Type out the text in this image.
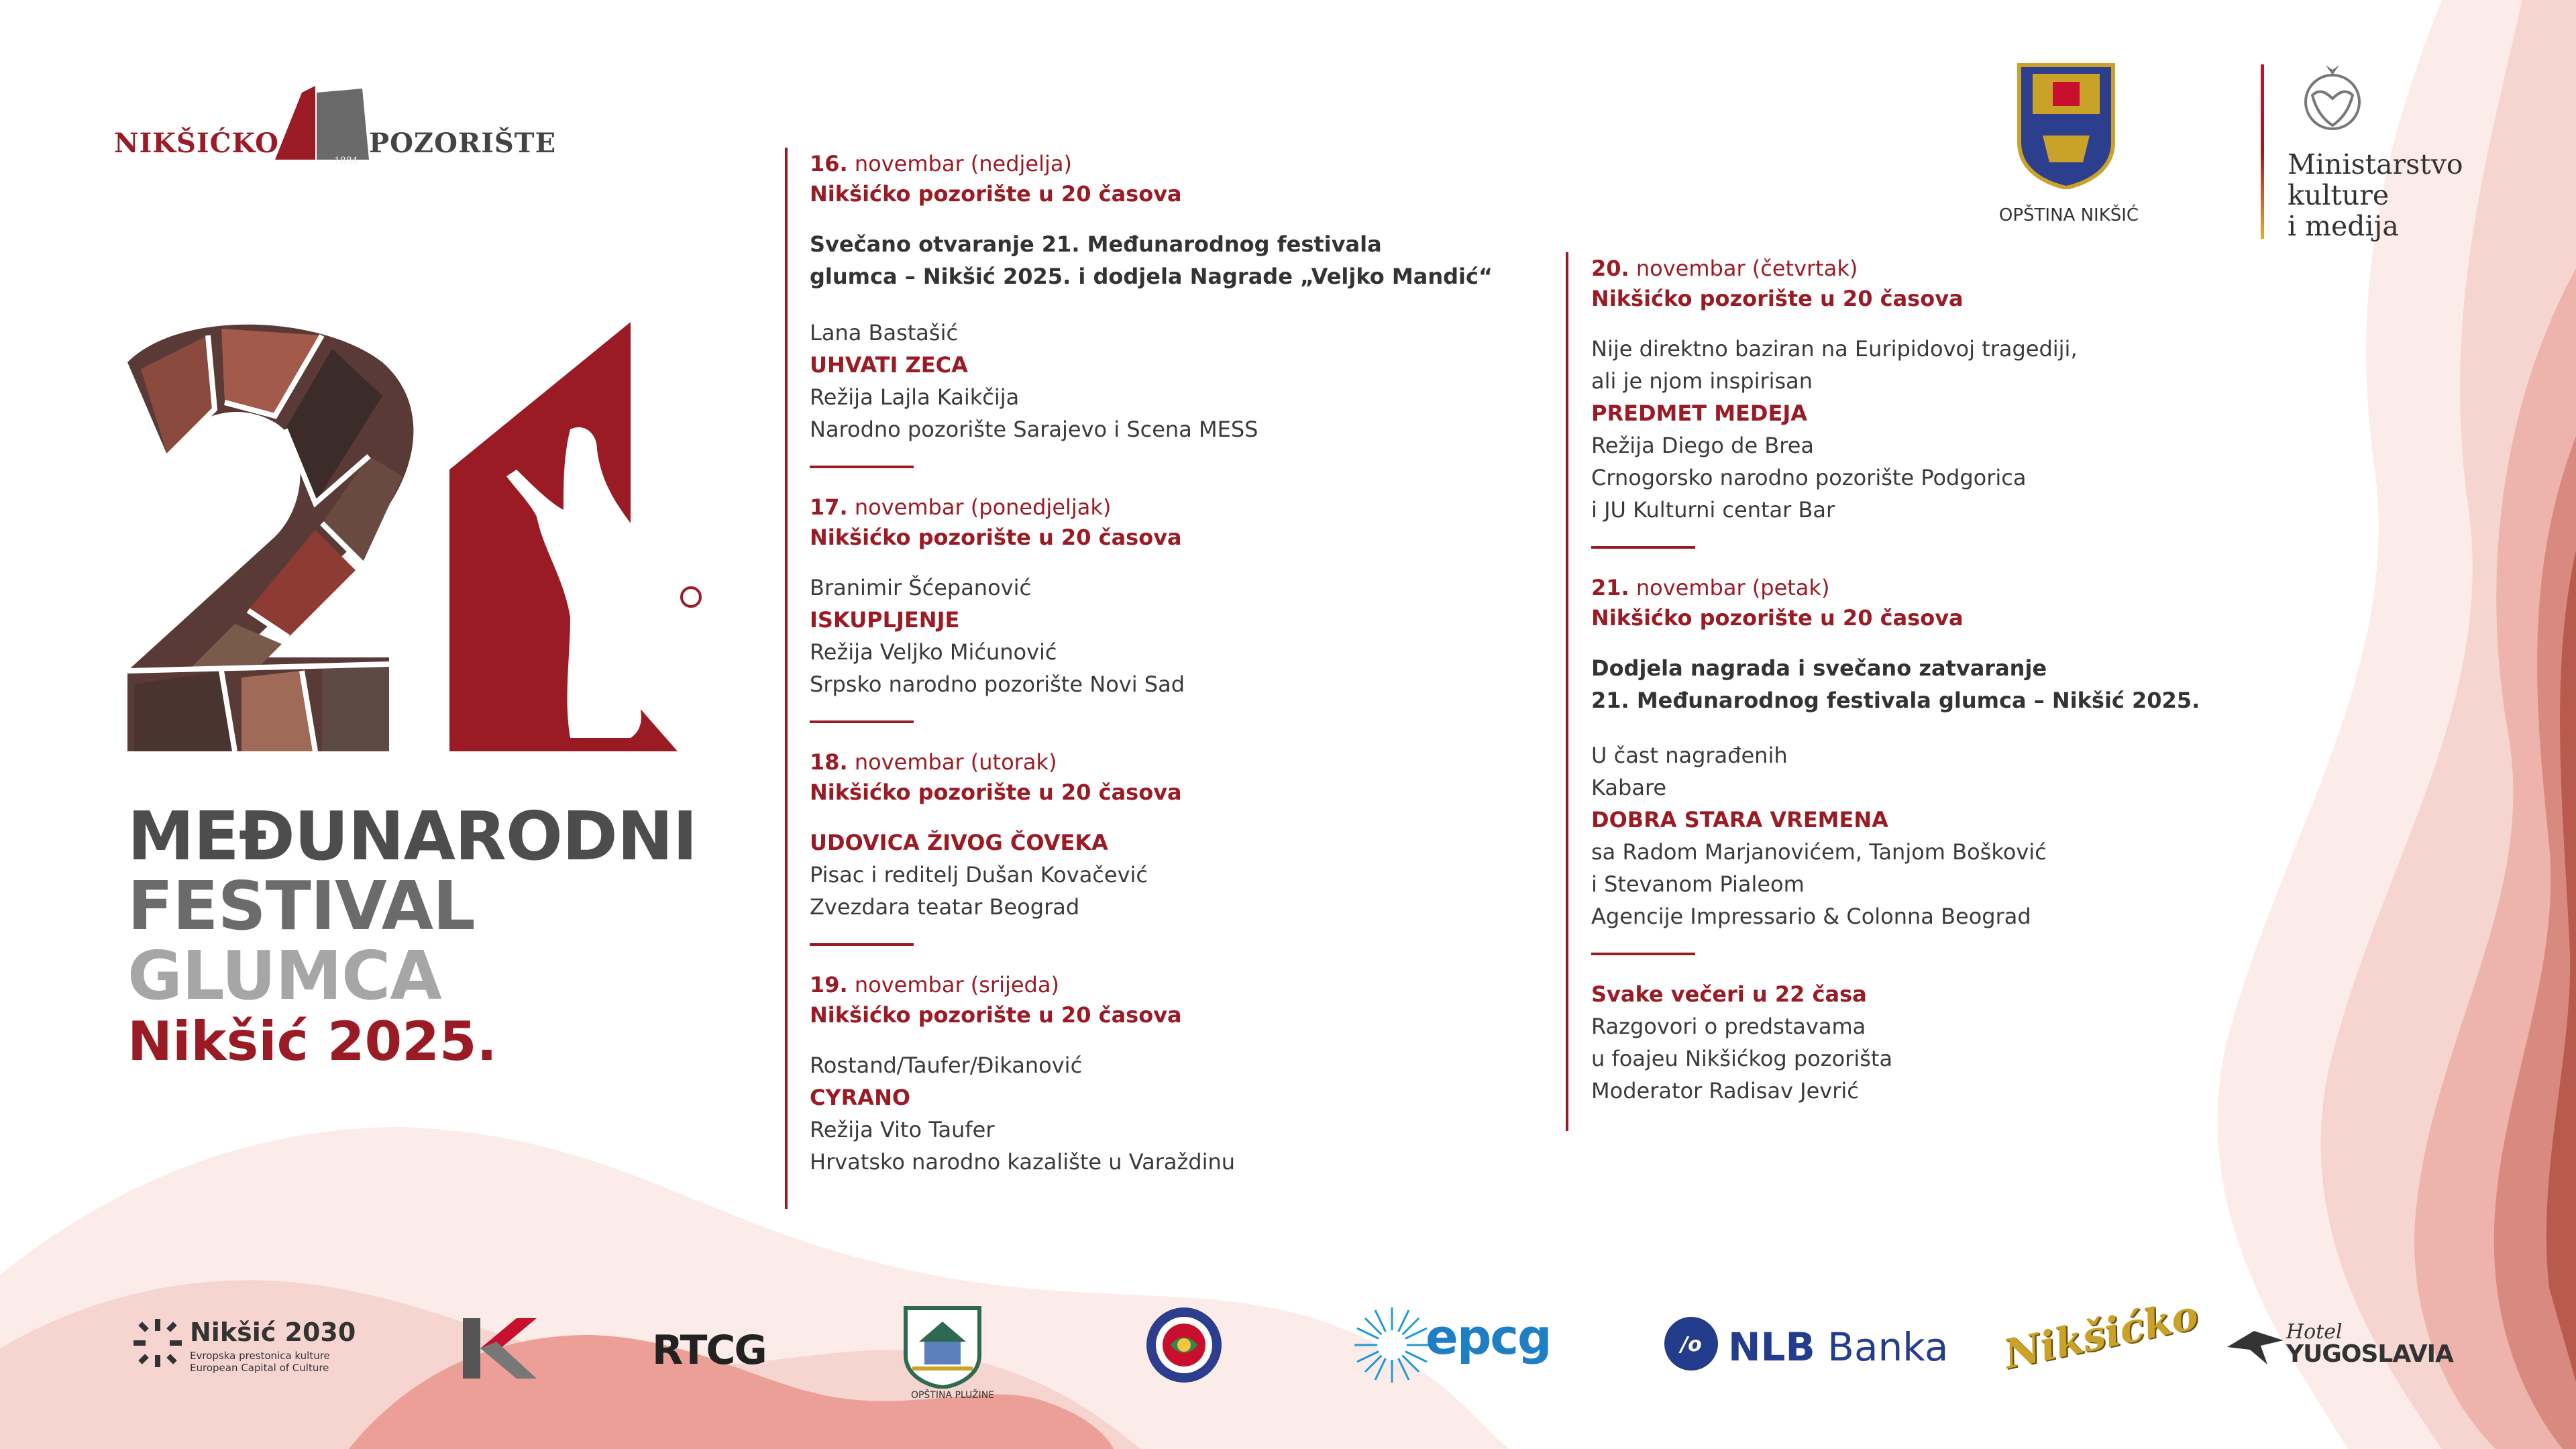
NIKŠIĆKO
1884
POZORIŠTE
OPŠTINA NIKŠIĆ
Ministarstvo
kulture
i medija
MEĐUNARODNI
FESTIVAL
GLUMCA
Nikšić 2025.
16. novembar (nedjelja)
Nikšićko pozorište u 20 časova
Svečano otvaranje 21. Međunarodnog festivala
glumca – Nikšić 2025. i dodjela Nagrade „Veljko Mandić“
Lana Bastašić
UHVATI ZECA
Režija Lajla Kaikčija
Narodno pozorište Sarajevo i Scena MESS
17. novembar (ponedjeljak)
Nikšićko pozorište u 20 časova
Branimir Šćepanović
ISKUPLJENJE
Režija Veljko Mićunović
Srpsko narodno pozorište Novi Sad
18. novembar (utorak)
Nikšićko pozorište u 20 časova
UDOVICA ŽIVOG ČOVEKA
Pisac i reditelj Dušan Kovačević
Zvezdara teatar Beograd
19. novembar (srijeda)
Nikšićko pozorište u 20 časova
Rostand/Taufer/Đikanović
CYRANO
Režija Vito Taufer
Hrvatsko narodno kazalište u Varaždinu
20. novembar (četvrtak)
Nikšićko pozorište u 20 časova
Nije direktno baziran na Euripidovoj tragediji,
ali je njom inspirisan
PREDMET MEDEJA
Režija Diego de Brea
Crnogorsko narodno pozorište Podgorica
i JU Kulturni centar Bar
21. novembar (petak)
Nikšićko pozorište u 20 časova
Dodjela nagrada i svečano zatvaranje
21. Međunarodnog festivala glumca – Nikšić 2025.
U čast nagrađenih
Kabare
DOBRA STARA VREMENA
sa Radom Marjanovićem, Tanjom Bošković
i Stevanom Pialeom
Agencije Impressario & Colonna Beograd
Svake večeri u 22 časa
Razgovori o predstavama
u foajeu Nikšićkog pozorišta
Moderator Radisav Jevrić
Nikšić 2030
Evropska prestonica kulture
European Capital of Culture	RTCG
OPŠTINA PLUŽINE
epcg	/o NLB Banka Nikšićko	Hotel
YUGOSLAVIA
